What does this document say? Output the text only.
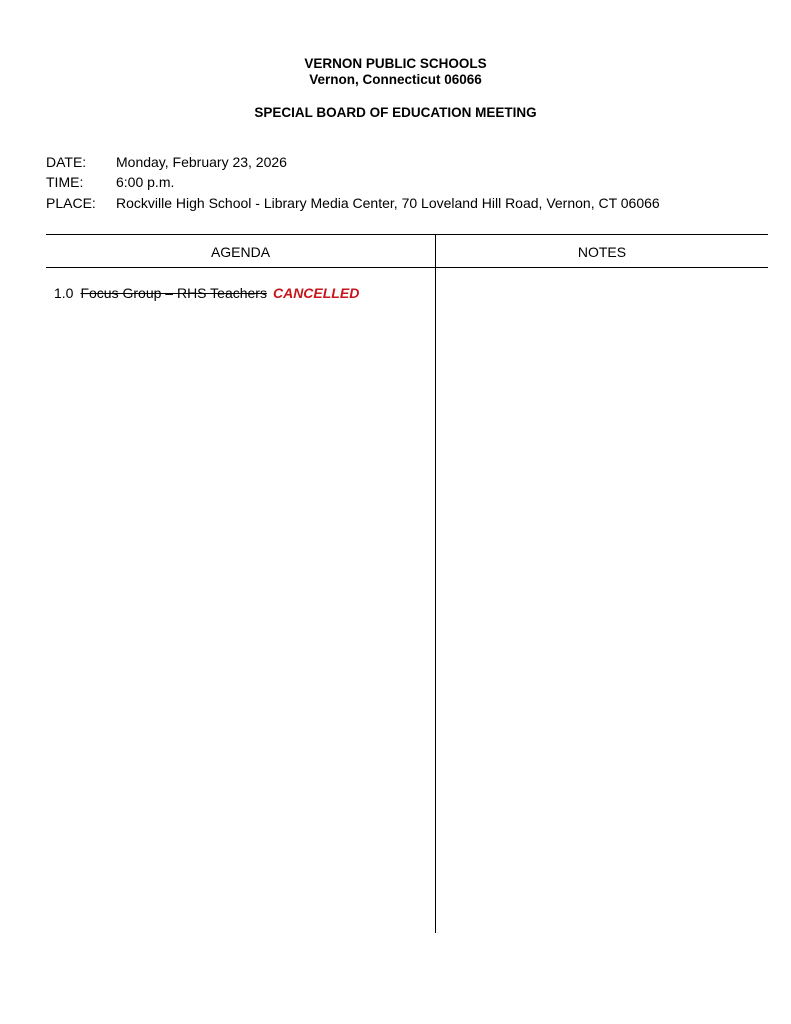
VERNON PUBLIC SCHOOLS
Vernon, Connecticut 06066
SPECIAL BOARD OF EDUCATION MEETING
DATE: Monday, February 23, 2026
TIME: 6:00 p.m.
PLACE: Rockville High School - Library Media Center, 70 Loveland Hill Road, Vernon, CT 06066
AGENDA	NOTES
1.0 Focus Group – RHS Teachers CANCELLED
